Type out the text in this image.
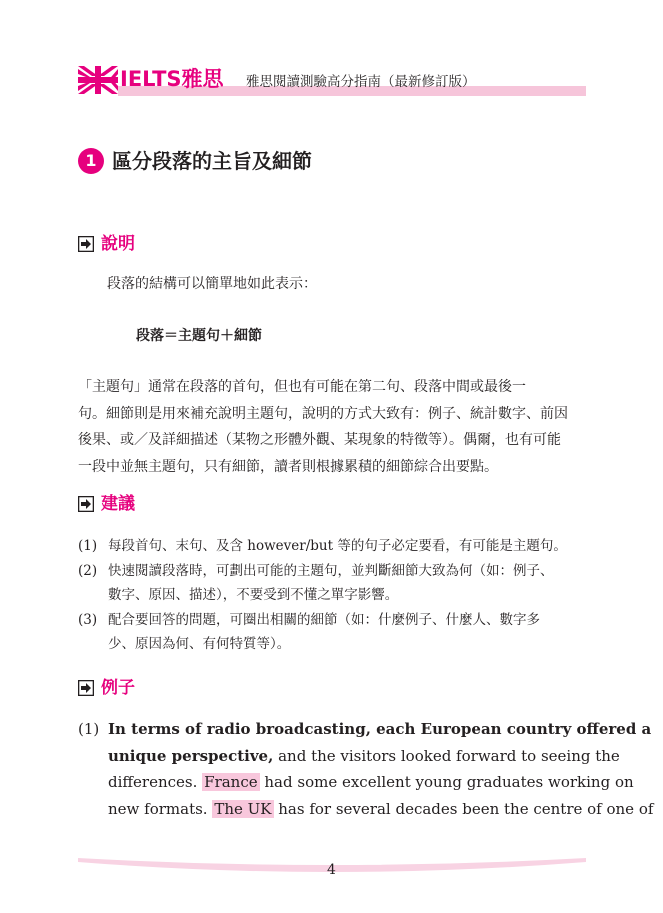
IELTS雅思 雅思閱讀測驗高分指南（最新修訂版）
1 區分段落的主旨及細節
說明
段落的結構可以簡單地如此表示：
段落＝主題句＋細節
「主題句」通常在段落的首句，但也有可能在第二句、段落中間或最後一
句。細節則是用來補充說明主題句，說明的方式大致有：例子、統計數字、前因
後果、或／及詳細描述（某物之形體外觀、某現象的特徵等）。偶爾，也有可能
一段中並無主題句，只有細節，讀者則根據累積的細節綜合出要點。
建議
(1) 每段首句、末句、及含 however/but 等的句子必定要看，有可能是主題句。
(2) 快速閱讀段落時，可劃出可能的主題句，並判斷細節大致為何（如：例子、
數字、原因、描述），不要受到不懂之單字影響。
(3) 配合要回答的問題，可圈出相關的細節（如：什麼例子、什麼人、數字多
少、原因為何、有何特質等）。
例子
(1) In terms of radio broadcasting, each European country offered a
unique perspective, and the visitors looked forward to seeing the
differences. France had some excellent young graduates working on
new formats. The UK has for several decades been the centre of one of
4
